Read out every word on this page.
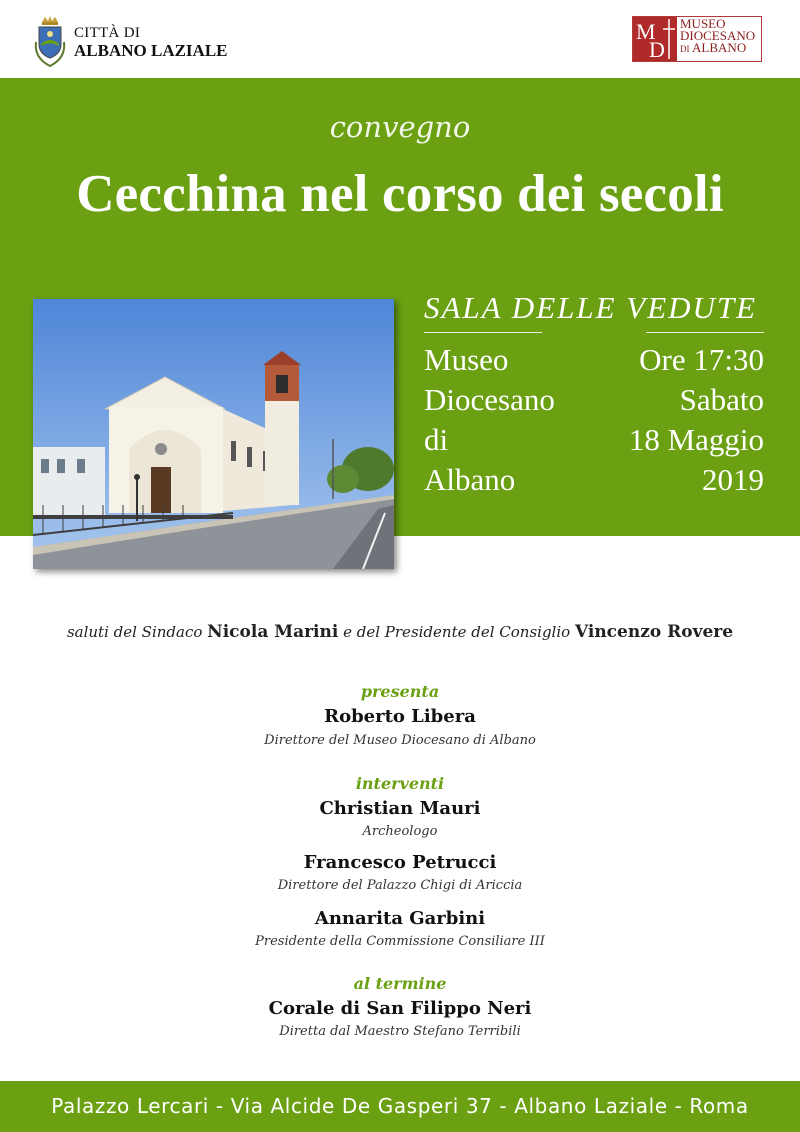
CITTÀ DI
ALBANO LAZIALE
M
D
MUSEO
DIOCESANO
DI ALBANO
convegno
Cecchina nel corso dei secoli
SALA DELLE VEDUTE
Museo
Diocesano
di
Albano
Ore 17:30
Sabato
18 Maggio
2019
saluti del Sindaco Nicola Marini e del Presidente del Consiglio Vincenzo Rovere
presenta
Roberto Libera
Direttore del Museo Diocesano di Albano
interventi
Christian Mauri
Archeologo
Francesco Petrucci
Direttore del Palazzo Chigi di Ariccia
Annarita Garbini
Presidente della Commissione Consiliare III
al termine
Corale di San Filippo Neri
Diretta dal Maestro Stefano Terribili
Palazzo Lercari - Via Alcide De Gasperi 37 - Albano Laziale - Roma
